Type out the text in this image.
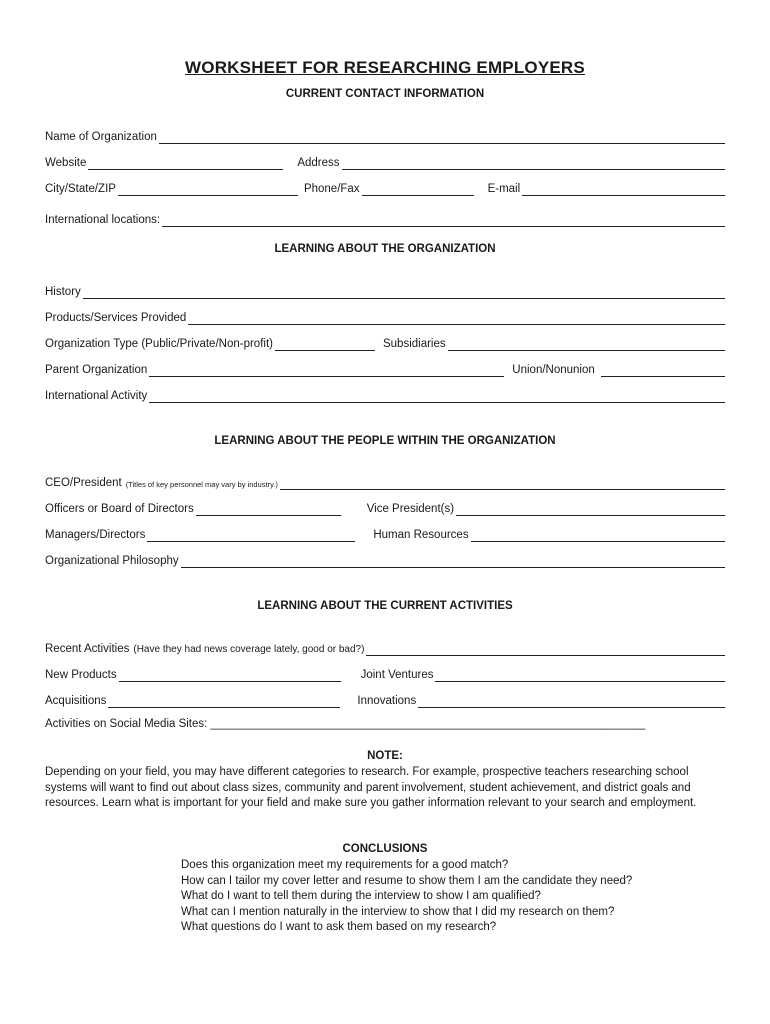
WORKSHEET FOR RESEARCHING EMPLOYERS
CURRENT CONTACT INFORMATION
Name of Organization
Website	Address
City/State/ZIP	Phone/Fax	E-mail
International locations:
LEARNING ABOUT THE ORGANIZATION
History
Products/Services Provided
Organization Type (Public/Private/Non-profit)	Subsidiaries
Parent Organization	Union/Nonunion
International Activity
LEARNING ABOUT THE PEOPLE WITHIN THE ORGANIZATION
CEO/President (Titles of key personnel may vary by industry.)
Officers or Board of Directors	Vice President(s)
Managers/Directors	Human Resources
Organizational Philosophy
LEARNING ABOUT THE CURRENT ACTIVITIES
Recent Activities (Have they had news coverage lately, good or bad?)
New Products	Joint Ventures
Acquisitions	Innovations
Activities on Social Media Sites: ____________________________________________________________________
NOTE:
Depending on your field, you may have different categories to research. For example, prospective teachers researching school systems will want to find out about class sizes, community and parent involvement, student achievement, and district goals and resources. Learn what is important for your field and make sure you gather information relevant to your search and employment.
CONCLUSIONS
Does this organization meet my requirements for a good match?
How can I tailor my cover letter and resume to show them I am the candidate they need?
What do I want to tell them during the interview to show I am qualified?
What can I mention naturally in the interview to show that I did my research on them?
What questions do I want to ask them based on my research?
